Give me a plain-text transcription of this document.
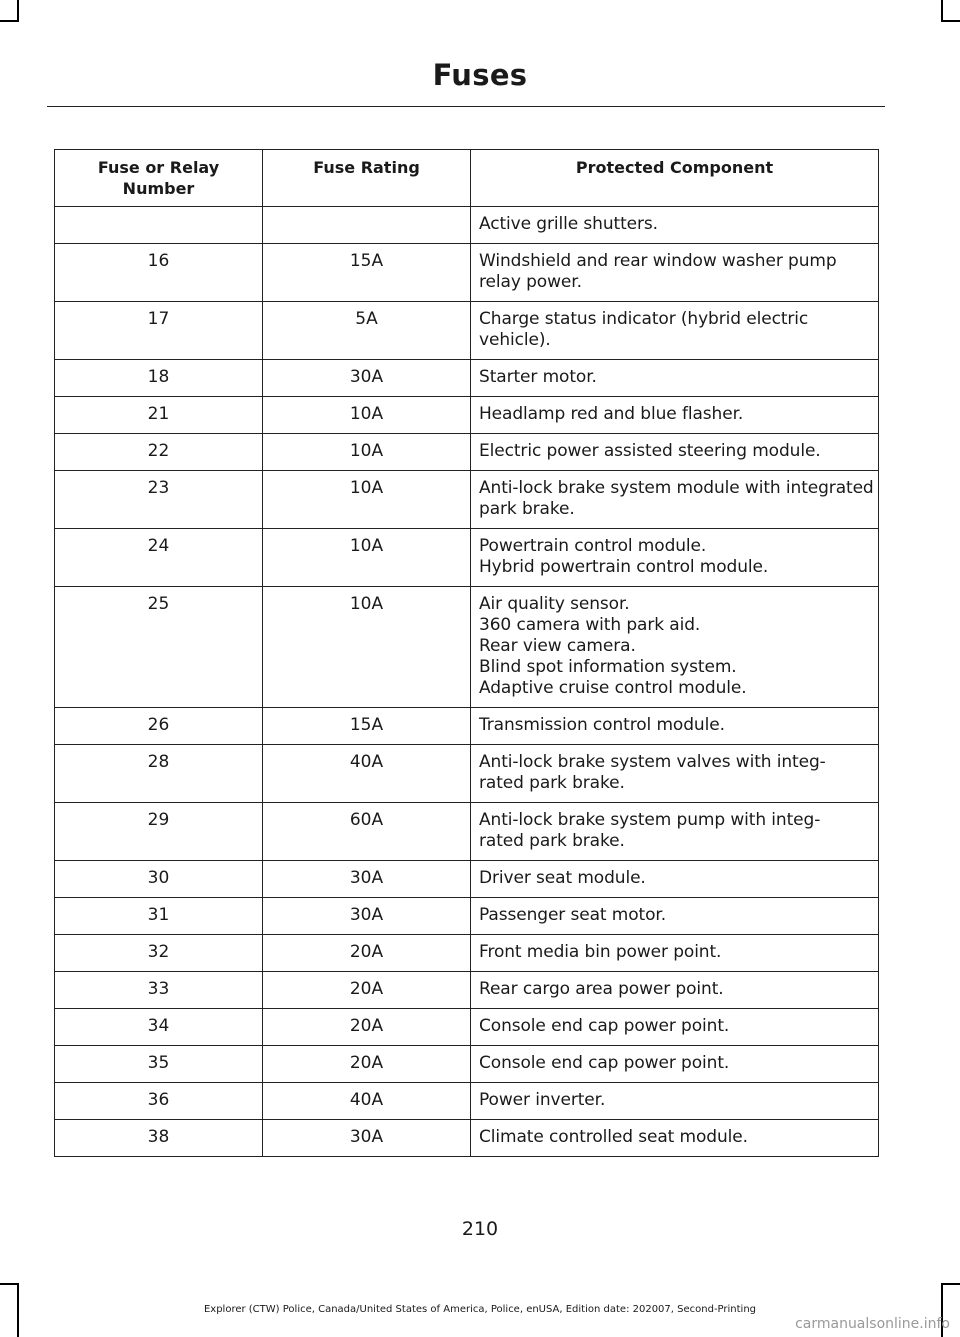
Fuses
Fuse or Relay Number	Fuse Rating	Protected Component
		Active grille shutters.
16	15A	Windshield and rear window washer pump relay power.
17	5A	Charge status indicator (hybrid electric vehicle).
18	30A	Starter motor.
21	10A	Headlamp red and blue flasher.
22	10A	Electric power assisted steering module.
23	10A	Anti-lock brake system module with integrated park brake.
24	10A	Powertrain control module.
Hybrid powertrain control module.
25	10A	Air quality sensor.
360 camera with park aid.
Rear view camera.
Blind spot information system.
Adaptive cruise control module.
26	15A	Transmission control module.
28	40A	Anti-lock brake system valves with integ-
rated park brake.
29	60A	Anti-lock brake system pump with integ-
rated park brake.
30	30A	Driver seat module.
31	30A	Passenger seat motor.
32	20A	Front media bin power point.
33	20A	Rear cargo area power point.
34	20A	Console end cap power point.
35	20A	Console end cap power point.
36	40A	Power inverter.
38	30A	Climate controlled seat module.
210
Explorer (CTW) Police, Canada/United States of America, Police, enUSA, Edition date: 202007, Second-Printing
carmanualsonline.info
